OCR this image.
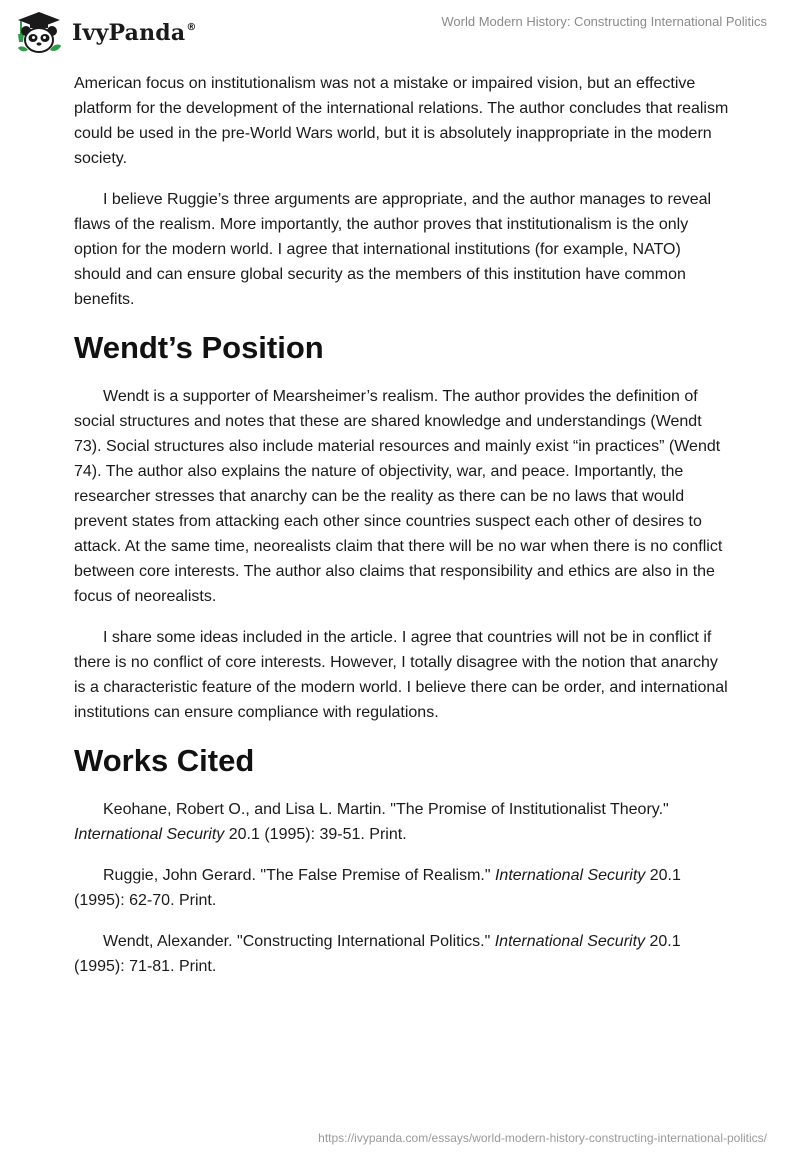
IvyPanda®	World Modern History: Constructing International Politics

American focus on institutionalism was not a mistake or impaired vision, but an effective platform for the development of the international relations. The author concludes that realism could be used in the pre-World Wars world, but it is absolutely inappropriate in the modern society.

I believe Ruggie’s three arguments are appropriate, and the author manages to reveal flaws of the realism. More importantly, the author proves that institutionalism is the only option for the modern world. I agree that international institutions (for example, NATO) should and can ensure global security as the members of this institution have common benefits.

Wendt’s Position

Wendt is a supporter of Mearsheimer’s realism. The author provides the definition of social structures and notes that these are shared knowledge and understandings (Wendt 73). Social structures also include material resources and mainly exist “in practices” (Wendt 74). The author also explains the nature of objectivity, war, and peace. Importantly, the researcher stresses that anarchy can be the reality as there can be no laws that would prevent states from attacking each other since countries suspect each other of desires to attack. At the same time, neorealists claim that there will be no war when there is no conflict between core interests. The author also claims that responsibility and ethics are also in the focus of neorealists.

I share some ideas included in the article. I agree that countries will not be in conflict if there is no conflict of core interests. However, I totally disagree with the notion that anarchy is a characteristic feature of the modern world. I believe there can be order, and international institutions can ensure compliance with regulations.

Works Cited

Keohane, Robert O., and Lisa L. Martin. "The Promise of Institutionalist Theory." International Security 20.1 (1995): 39-51. Print.

Ruggie, John Gerard. "The False Premise of Realism." International Security 20.1 (1995): 62-70. Print.

Wendt, Alexander. "Constructing International Politics." International Security 20.1 (1995): 71-81. Print.

https://ivypanda.com/essays/world-modern-history-constructing-international-politics/
